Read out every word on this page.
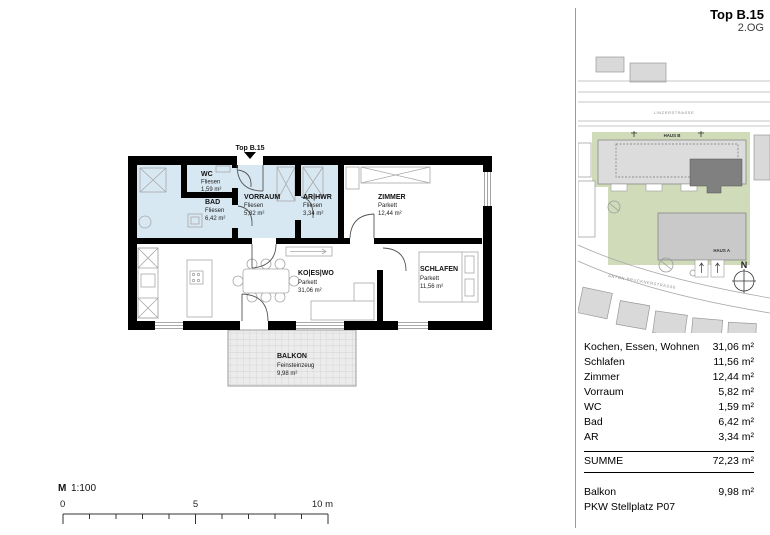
Top B.15
WC
Fliesen
1,59 m²
BAD
Fliesen
6,42 m²
VORRAUM
Fliesen
5,82 m²
AR|HWR
Fliesen
3,34 m²
ZIMMER
Parkett
12,44 m²
KO|ES|WO
Parkett
31,06 m²
SCHLAFEN
Parkett
11,56 m²
BALKON
Feinsteinzeug
9,98 m²
M 1:100
0	5	10 m
LINZERSTRASSE
HAUS B
HAUS A
ANTON-BRUCKNERSTRASSE
N
Top B.15
2.OG
Kochen, Essen, Wohnen 31,06 m²
Schlafen	11,56 m²
Zimmer	12,44 m²
Vorraum	5,82 m²
WC	1,59 m²
Bad	6,42 m²
AR	3,34 m²
SUMME	72,23 m²
Balkon	9,98 m²
PKW Stellplatz P07
